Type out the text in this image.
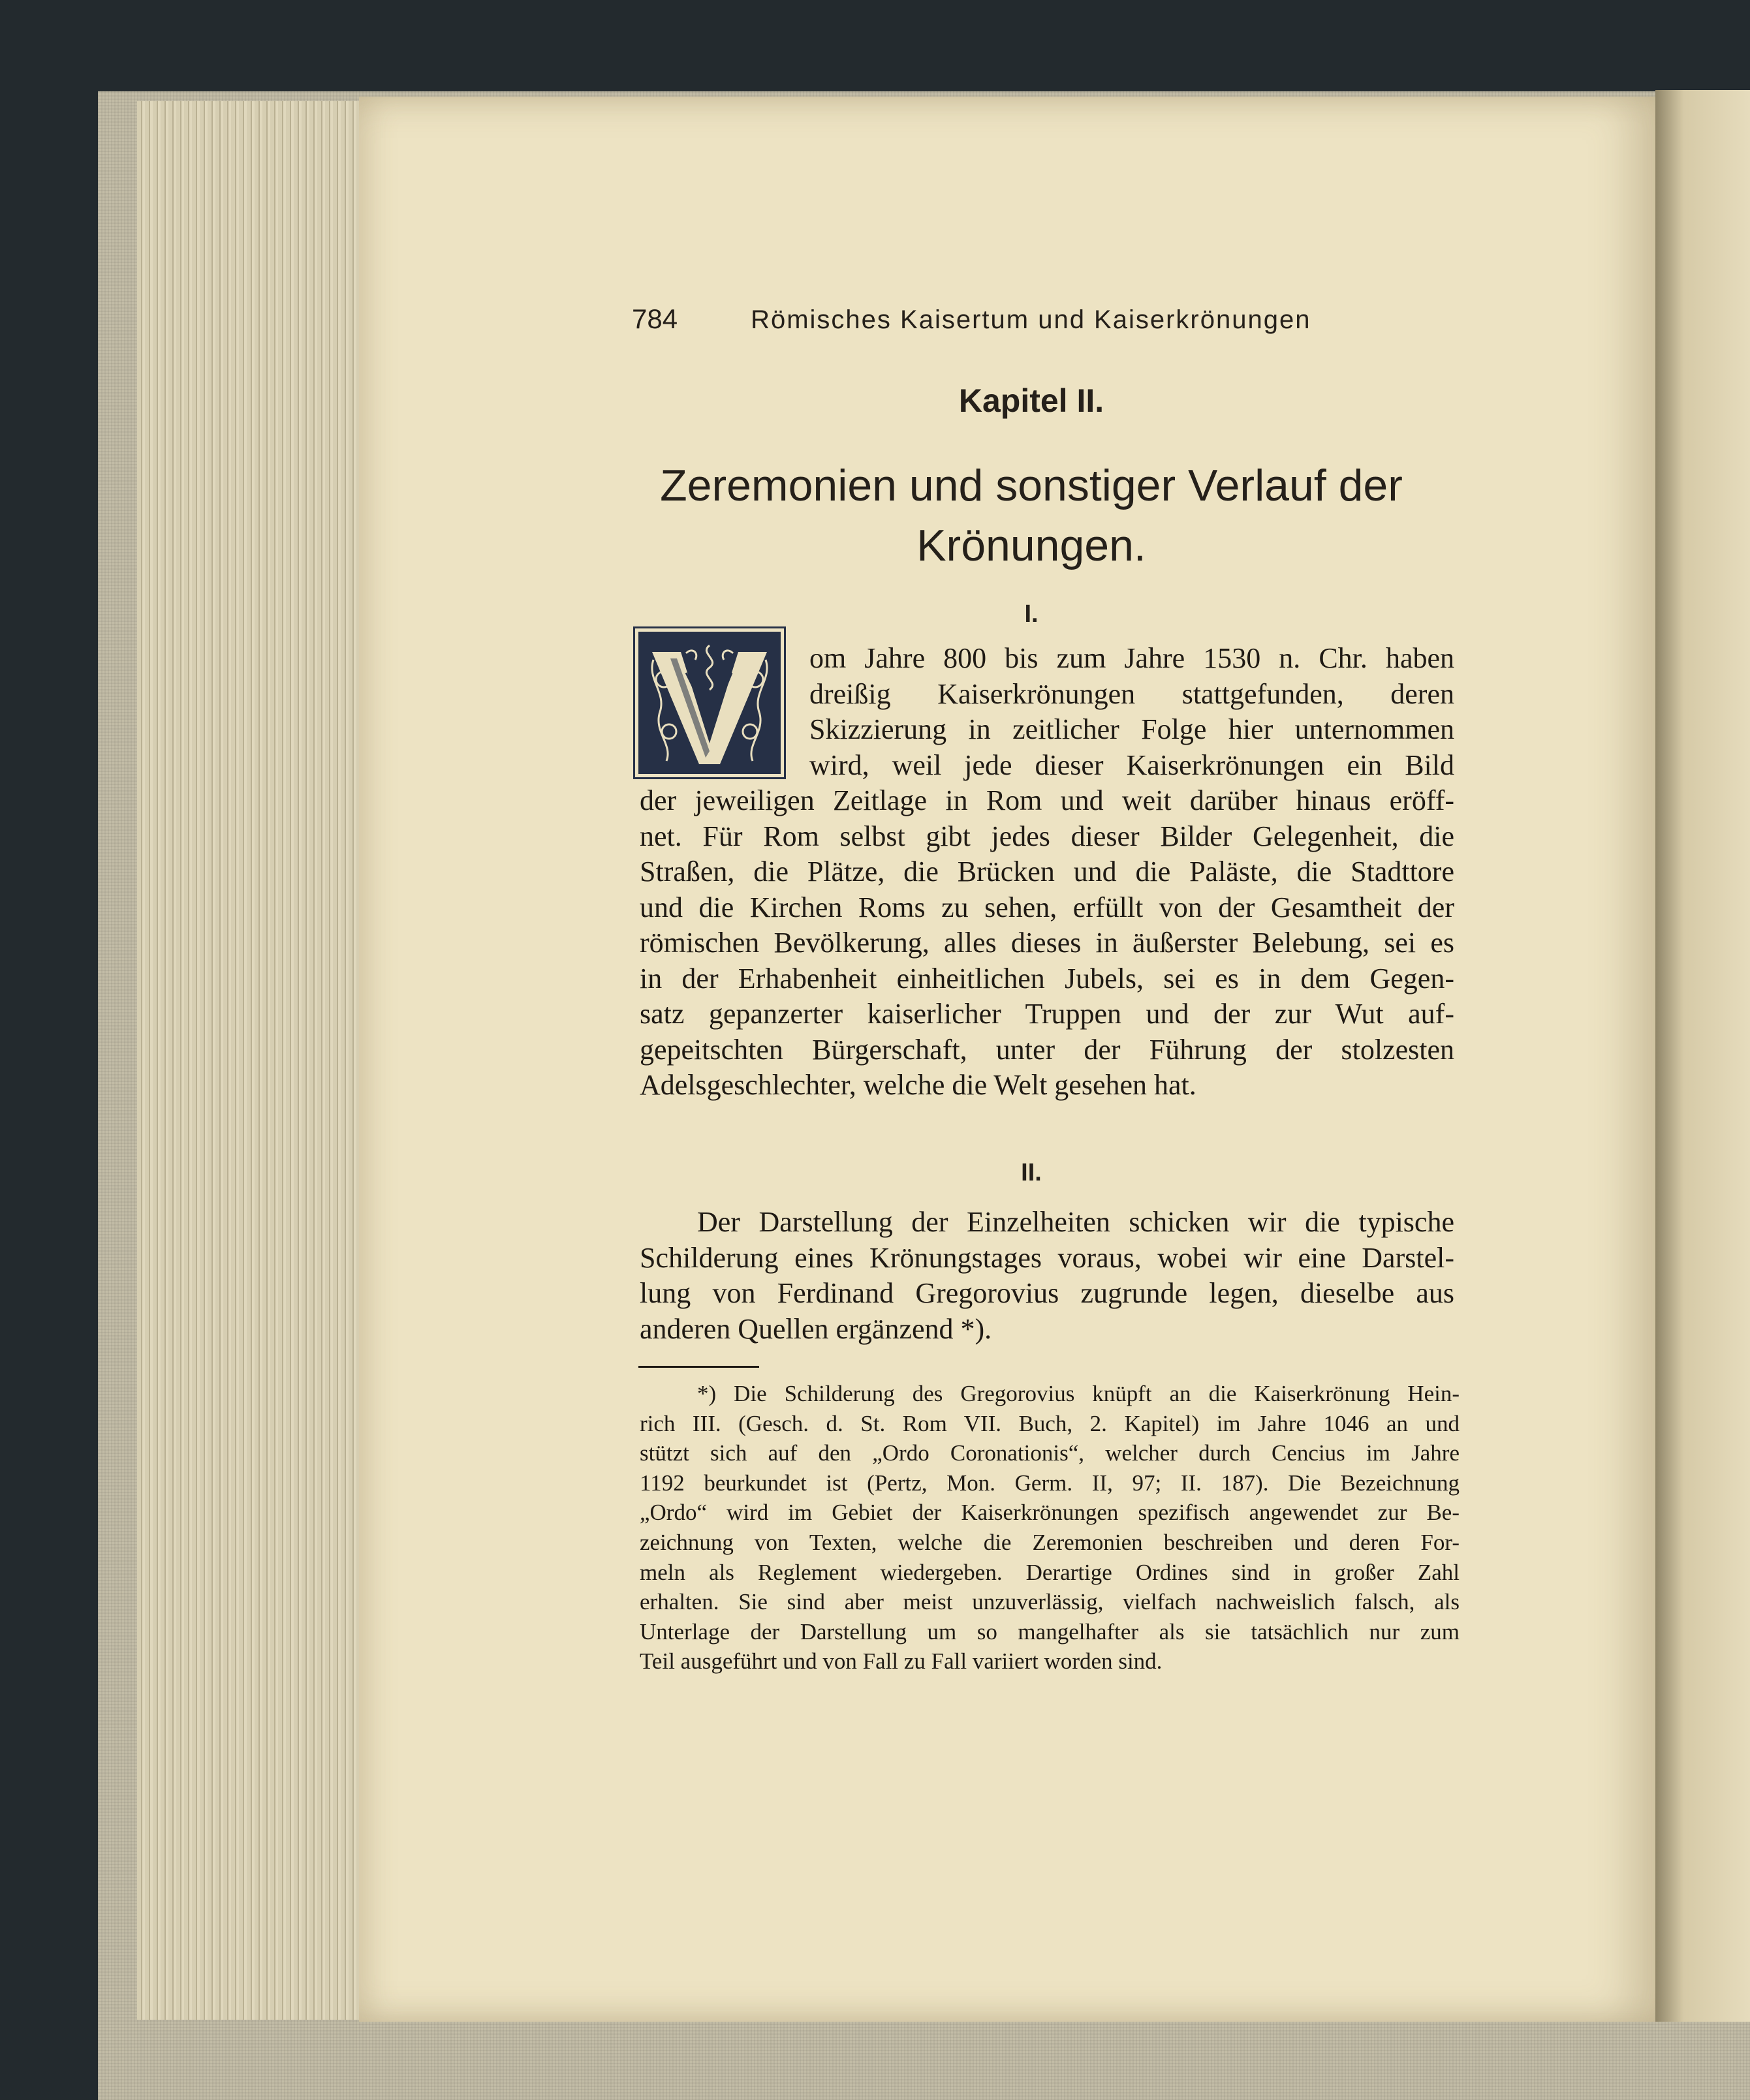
784	Römisches Kaisertum und Kaiserkrönungen
Kapitel II.
Zeremonien und sonstiger Verlauf der
Krönungen.
I.
om Jahre 800 bis zum Jahre 1530 n. Chr. haben
dreißig Kaiserkrönungen stattgefunden, deren
Skizzierung in zeitlicher Folge hier unternommen
wird, weil jede dieser Kaiserkrönungen ein Bild
der jeweiligen Zeitlage in Rom und weit darüber hinaus eröff-
net. Für Rom selbst gibt jedes dieser Bilder Gelegenheit, die
Straßen, die Plätze, die Brücken und die Paläste, die Stadttore
und die Kirchen Roms zu sehen, erfüllt von der Gesamtheit der
römischen Bevölkerung, alles dieses in äußerster Belebung, sei es
in der Erhabenheit einheitlichen Jubels, sei es in dem Gegen-
satz gepanzerter kaiserlicher Truppen und der zur Wut auf-
gepeitschten Bürgerschaft, unter der Führung der stolzesten
Adelsgeschlechter, welche die Welt gesehen hat.
II.
Der Darstellung der Einzelheiten schicken wir die typische
Schilderung eines Krönungstages voraus, wobei wir eine Darstel-
lung von Ferdinand Gregorovius zugrunde legen, dieselbe aus
anderen Quellen ergänzend *).
*) Die Schilderung des Gregorovius knüpft an die Kaiserkrönung Hein-
rich III. (Gesch. d. St. Rom VII. Buch, 2. Kapitel) im Jahre 1046 an und
stützt sich auf den „Ordo Coronationis“, welcher durch Cencius im Jahre
1192 beurkundet ist (Pertz, Mon. Germ. II, 97; II. 187). Die Bezeichnung
„Ordo“ wird im Gebiet der Kaiserkrönungen spezifisch angewendet zur Be-
zeichnung von Texten, welche die Zeremonien beschreiben und deren For-
meln als Reglement wiedergeben. Derartige Ordines sind in großer Zahl
erhalten. Sie sind aber meist unzuverlässig, vielfach nachweislich falsch, als
Unterlage der Darstellung um so mangelhafter als sie tatsächlich nur zum
Teil ausgeführt und von Fall zu Fall variiert worden sind.
